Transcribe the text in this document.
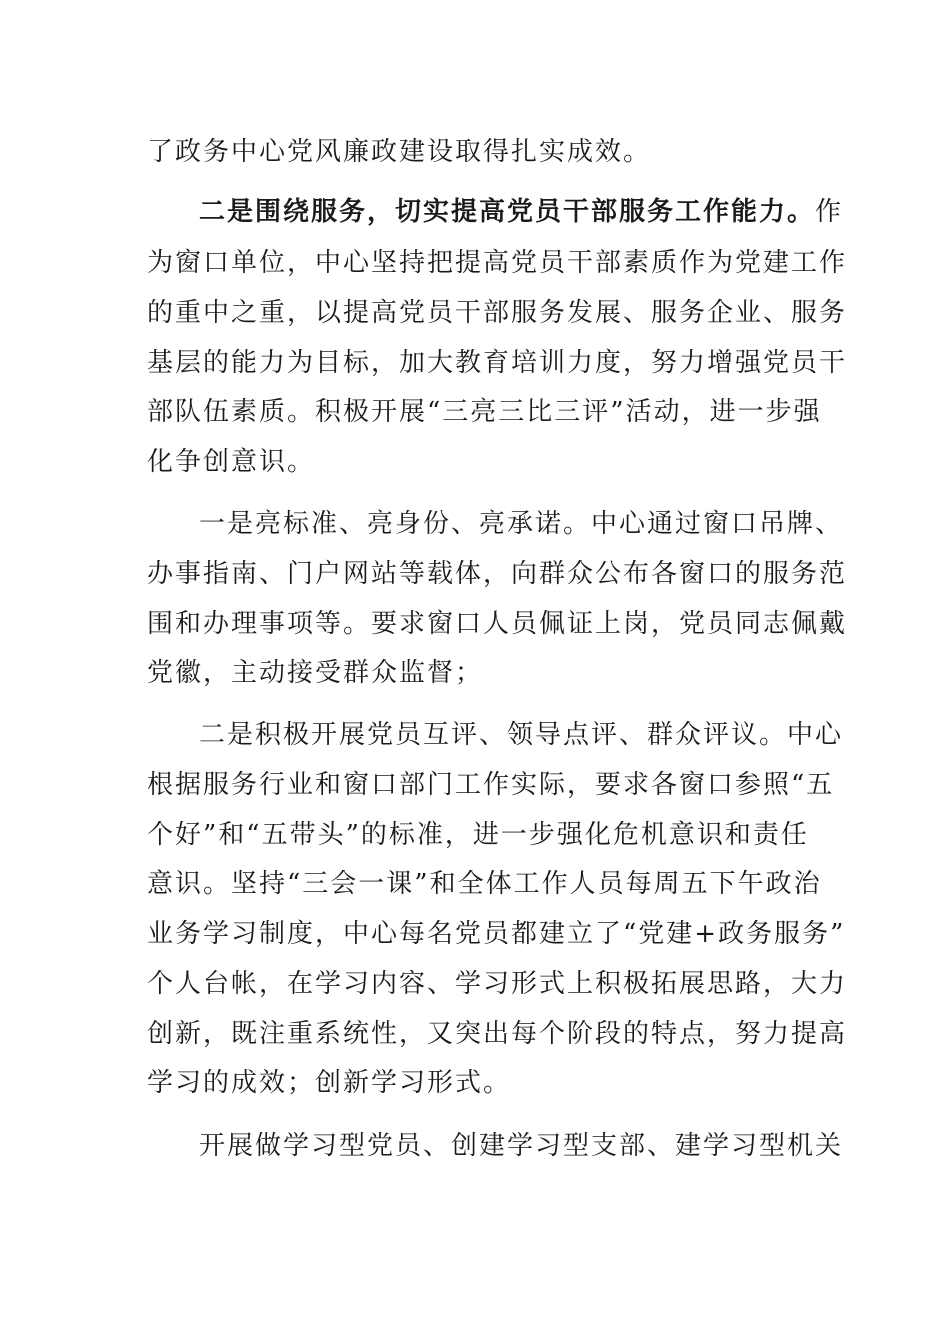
了政务中心党风廉政建设取得扎实成效。
二是围绕服务，切实提高党员干部服务工作能力。作
为窗口单位，中心坚持把提高党员干部素质作为党建工作
的重中之重，以提高党员干部服务发展、服务企业、服务
基层的能力为目标，加大教育培训力度，努力增强党员干
部队伍素质。积极开展“三亮三比三评”活动，进一步强
化争创意识。
一是亮标准、亮身份、亮承诺。中心通过窗口吊牌、
办事指南、门户网站等载体，向群众公布各窗口的服务范
围和办理事项等。要求窗口人员佩证上岗，党员同志佩戴
党徽，主动接受群众监督；
二是积极开展党员互评、领导点评、群众评议。中心
根据服务行业和窗口部门工作实际，要求各窗口参照“五
个好”和“五带头”的标准，进一步强化危机意识和责任
意识。坚持“三会一课”和全体工作人员每周五下午政治
业务学习制度，中心每名党员都建立了“党建+政务服务”
个人台帐，在学习内容、学习形式上积极拓展思路，大力
创新，既注重系统性，又突出每个阶段的特点，努力提高
学习的成效；创新学习形式。
开展做学习型党员、创建学习型支部、建学习型机关
